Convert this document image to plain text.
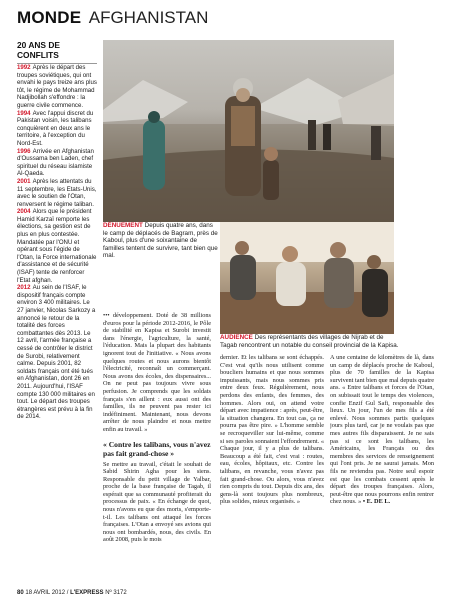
MONDE AFGHANISTAN
20 ANS DE CONFLITS

1992 Après le départ des troupes soviétiques, qui ont envahi le pays treize ans plus tôt, le régime de Mohammad Nadjibollah s'effondre : la guerre civile commence.

1994 Avec l'appui discret du Pakistan voisin, les talibans conquièrent en deux ans le territoire, à l'exception du Nord-Est.

1996 Arrivée en Afghanistan d'Oussama ben Laden, chef spirituel du réseau islamiste Al-Qaeda.

2001 Après les attentats du 11 septembre, les Etats-Unis, avec le soutien de l'Otan, renversent le régime taliban.

2004 Alors que le président Hamid Karzaï remporte les élections, sa gestion est de plus en plus contestée. Mandatée par l'ONU et opérant sous l'égide de l'Otan, la Force internationale d'assistance et de sécurité (ISAF) tente de renforcer l'Etat afghan.

2012 Au sein de l'ISAF, le dispositif français compte environ 3 400 militaires. Le 27 janvier, Nicolas Sarkozy a annoncé le retour de la totalité des forces combattantes dès 2013. Le 12 avril, l'armée française a cessé de contrôler le district de Surobi, relativement calme. Depuis 2001, 82 soldats français ont été tués en Afghanistan, dont 26 en 2011. Aujourd'hui, l'ISAF compte 130 000 militaires en tout. Le départ des troupes étrangères est prévu à la fin de 2014.

DÉNUEMENT Depuis quatre ans, dans le camp de déplacés de Bagram, près de Kaboul, plus d'une soixantaine de familles tentent de survivre, tant bien que mal.
AUDIENCE Des représentants des villages de Nijrab et de Tagab rencontrent un notable du conseil provincial de la Kapisa.

••• développement. Doté de 38 millions d'euros pour la période 2012-2016, le Pôle de stabilité en Kapisa et Surobi investit dans l'énergie, l'agriculture, la santé, l'éducation. Mais la plupart des habitants ignorent tout de l'initiative. « Nous avons quelques routes et nous aurons bientôt l'électricité, reconnaît un commerçant. Nous avons des écoles, des dispensaires... On ne peut pas toujours vivre sous perfusion. Je comprends que les soldats français s'en aillent : eux aussi ont des familles, ils ne peuvent pas rester ici indéfiniment. Maintenant, nous devons arrêter de nous plaindre et nous mettre enfin au travail. »

« Contre les talibans, vous n'avez pas fait grand-chose »

Se mettre au travail, c'était le souhait de Sabid Shirin Agha pour les siens. Responsable du petit village de Yalbar, proche de la base française de Tagab, il espérait que sa communauté profiterait du processus de paix. « En échange de quoi, nous n'avons eu que des morts, s'emporte-t-il. Les talibans ont attaqué les forces françaises. L'Otan a envoyé ses avions qui nous ont bombardés, nous, des civils. En août 2008, puis le mois

dernier. Et les talibans se sont échappés. C'est vrai qu'ils nous utilisent comme boucliers humains et que nous sommes impuissants, mais nous sommes pris entre deux feux. Régulièrement, nous perdons des enfants, des femmes, des hommes. Alors oui, on attend votre départ avec impatience : après, peut-être, la situation changera. En tout cas, ça ne pourra pas être pire. » L'homme semble se recroqueviller sur lui-même, comme si ses paroles sonnaient l'effondrement. « Chaque jour, il y a plus de talibans. Beaucoup a été fait, c'est vrai : routes, eau, écoles, hôpitaux, etc. Contre les talibans, en revanche, vous n'avez pas fait grand-chose. Ou alors, vous n'avez rien compris du tout. Depuis dix ans, des gens-là sont toujours plus nombreux, plus solides, mieux organisés. »

A une centaine de kilomètres de là, dans un camp de déplacés proche de Kaboul, plus de 70 familles de la Kapisa survivent tant bien que mal depuis quatre ans. « Entre talibans et forces de l'Otan, on subissait tout le temps des violences, confie Enzif Gul Safi, responsable des lieux. Un jour, l'un de mes fils a été enlevé. Nous sommes partis quelques jours plus tard, car je ne voulais pas que mes autres fils disparaissent. Je ne sais pas si ce sont les talibans, les Américains, les Français ou des membres des services de renseignement qui l'ont pris. Je ne saurai jamais. Mon fils ne reviendra pas. Notre seul espoir est que les combats cessent après le départ des troupes françaises. Alors, peut-être que nous pourrons enfin rentrer chez nous. » • E. DE L.

80 18 AVRIL 2012 / L'EXPRESS Nº 3172
